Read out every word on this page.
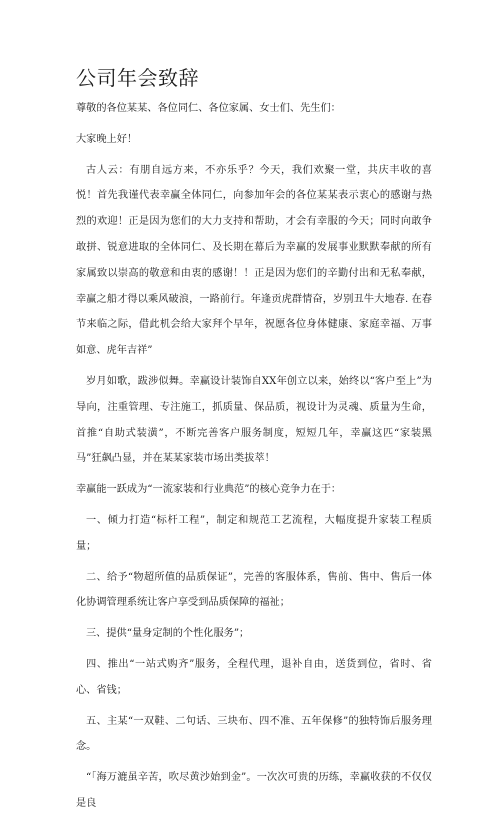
公司年会致辞

尊敬的各位某某、各位同仁、各位家属、女士们、先生们：

大家晚上好！

古人云：有朋自远方来，不亦乐乎？今天，我们欢聚一堂，共庆丰收的喜悦！首先我谨代表幸赢全体同仁，向参加年会的各位某某表示衷心的感谢与热烈的欢迎！正是因为您们的大力支持和帮助，才会有幸服的今天；同时向敢争敢拼、锐意进取的全体同仁、及长期在幕后为幸赢的发展事业默默奉献的所有家属致以崇高的敬意和由衷的感谢！！正是因为您们的辛勤付出和无私奉献，幸赢之船才得以乘风破浪，一路前行。年逢贡虎群情奋，岁别丑牛大地春. 在春节来临之际，借此机会给大家拜个早年，祝愿各位身体健康、家庭幸福、万事如意、虎年吉祥”

岁月如歌，跋涉似舞。幸赢设计装饰自XX年创立以来，始终以“客户至上”为导向，注重管理、专注施工，抓质量、保品质，视设计为灵魂、质量为生命，首推“自助式装潢”，不断完善客户服务制度，短短几年，幸赢这匹“家装黑马”狂飙凸显，并在某某家装市场出类拔萃！

幸赢能一跃成为“一流家装和行业典范”的核心竞争力在于：

一、倾力打造“标杆工程”，制定和规范工艺流程，大幅度提升家装工程质量；

二、给予“物超所值的品质保证”，完善的客服体系，售前、售中、售后一体化协调管理系统让客户享受到品质保障的福祉；

三、提供“量身定制的个性化服务”；

四、推出“一站式购齐”服务，全程代理，退补自由，送货到位，省时、省心、省钱；

五、主某“一双鞋、二句话、三块布、四不准、五年保修”的独特饰后服务理念。

“「海万漉虽辛苦，吹尽黄沙始到金”。一次次可贵的历练，幸赢收获的不仅仅是良
